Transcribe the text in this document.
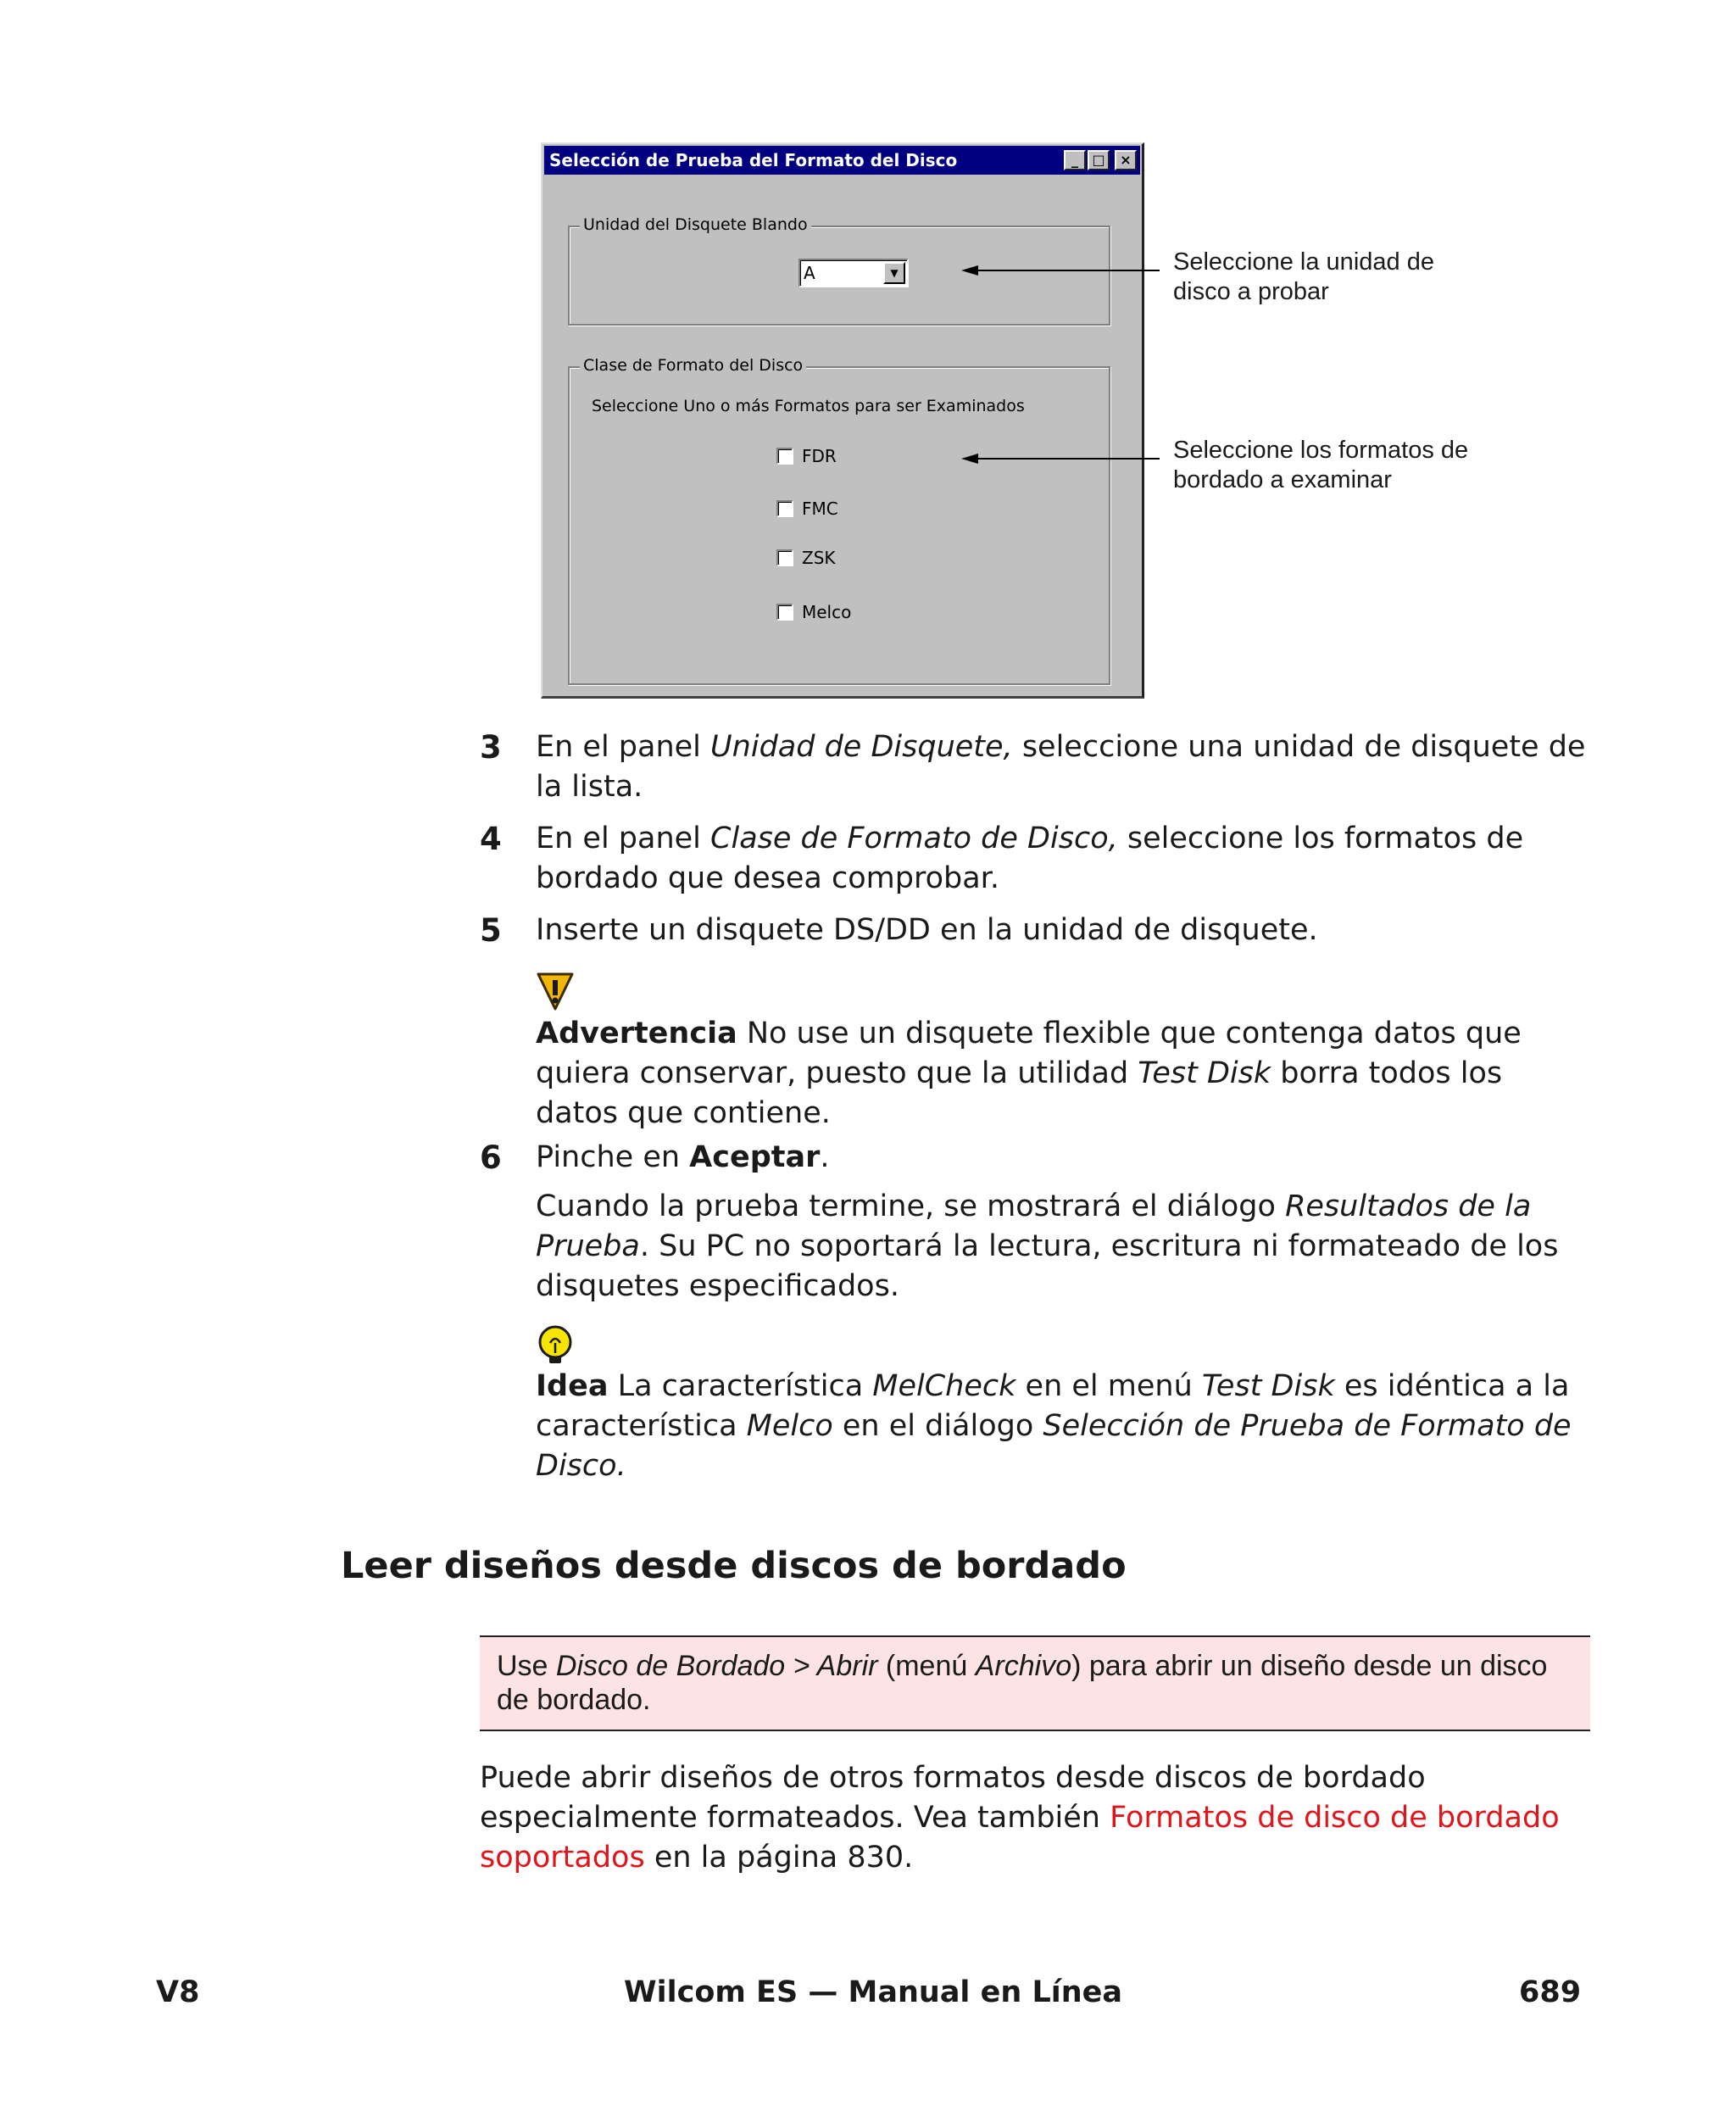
Selección de Prueba del Formato del Disco	_	□	×
Unidad del Disquete Blando
A	▼
Clase de Formato del Disco
Seleccione Uno o más Formatos para ser Examinados
FDR
FMC
ZSK
Melco
Seleccione la unidad de disco a probar
Seleccione los formatos de bordado a examinar
3 En el panel Unidad de Disquete, seleccione una unidad de disquete de la lista.
4 En el panel Clase de Formato de Disco, seleccione los formatos de bordado que desea comprobar.
5 Inserte un disquete DS/DD en la unidad de disquete.
Advertencia No use un disquete flexible que contenga datos que quiera conservar, puesto que la utilidad Test Disk borra todos los datos que contiene.
6 Pinche en Aceptar.
Cuando la prueba termine, se mostrará el diálogo Resultados de la Prueba. Su PC no soportará la lectura, escritura ni formateado de los disquetes especificados.
Idea La característica MelCheck en el menú Test Disk es idéntica a la característica Melco en el diálogo Selección de Prueba de Formato de Disco.
Leer diseños desde discos de bordado
Use Disco de Bordado > Abrir (menú Archivo) para abrir un diseño desde un disco de bordado.
Puede abrir diseños de otros formatos desde discos de bordado especialmente formateados. Vea también Formatos de disco de bordado soportados en la página 830.
V8	Wilcom ES — Manual en Línea	689
